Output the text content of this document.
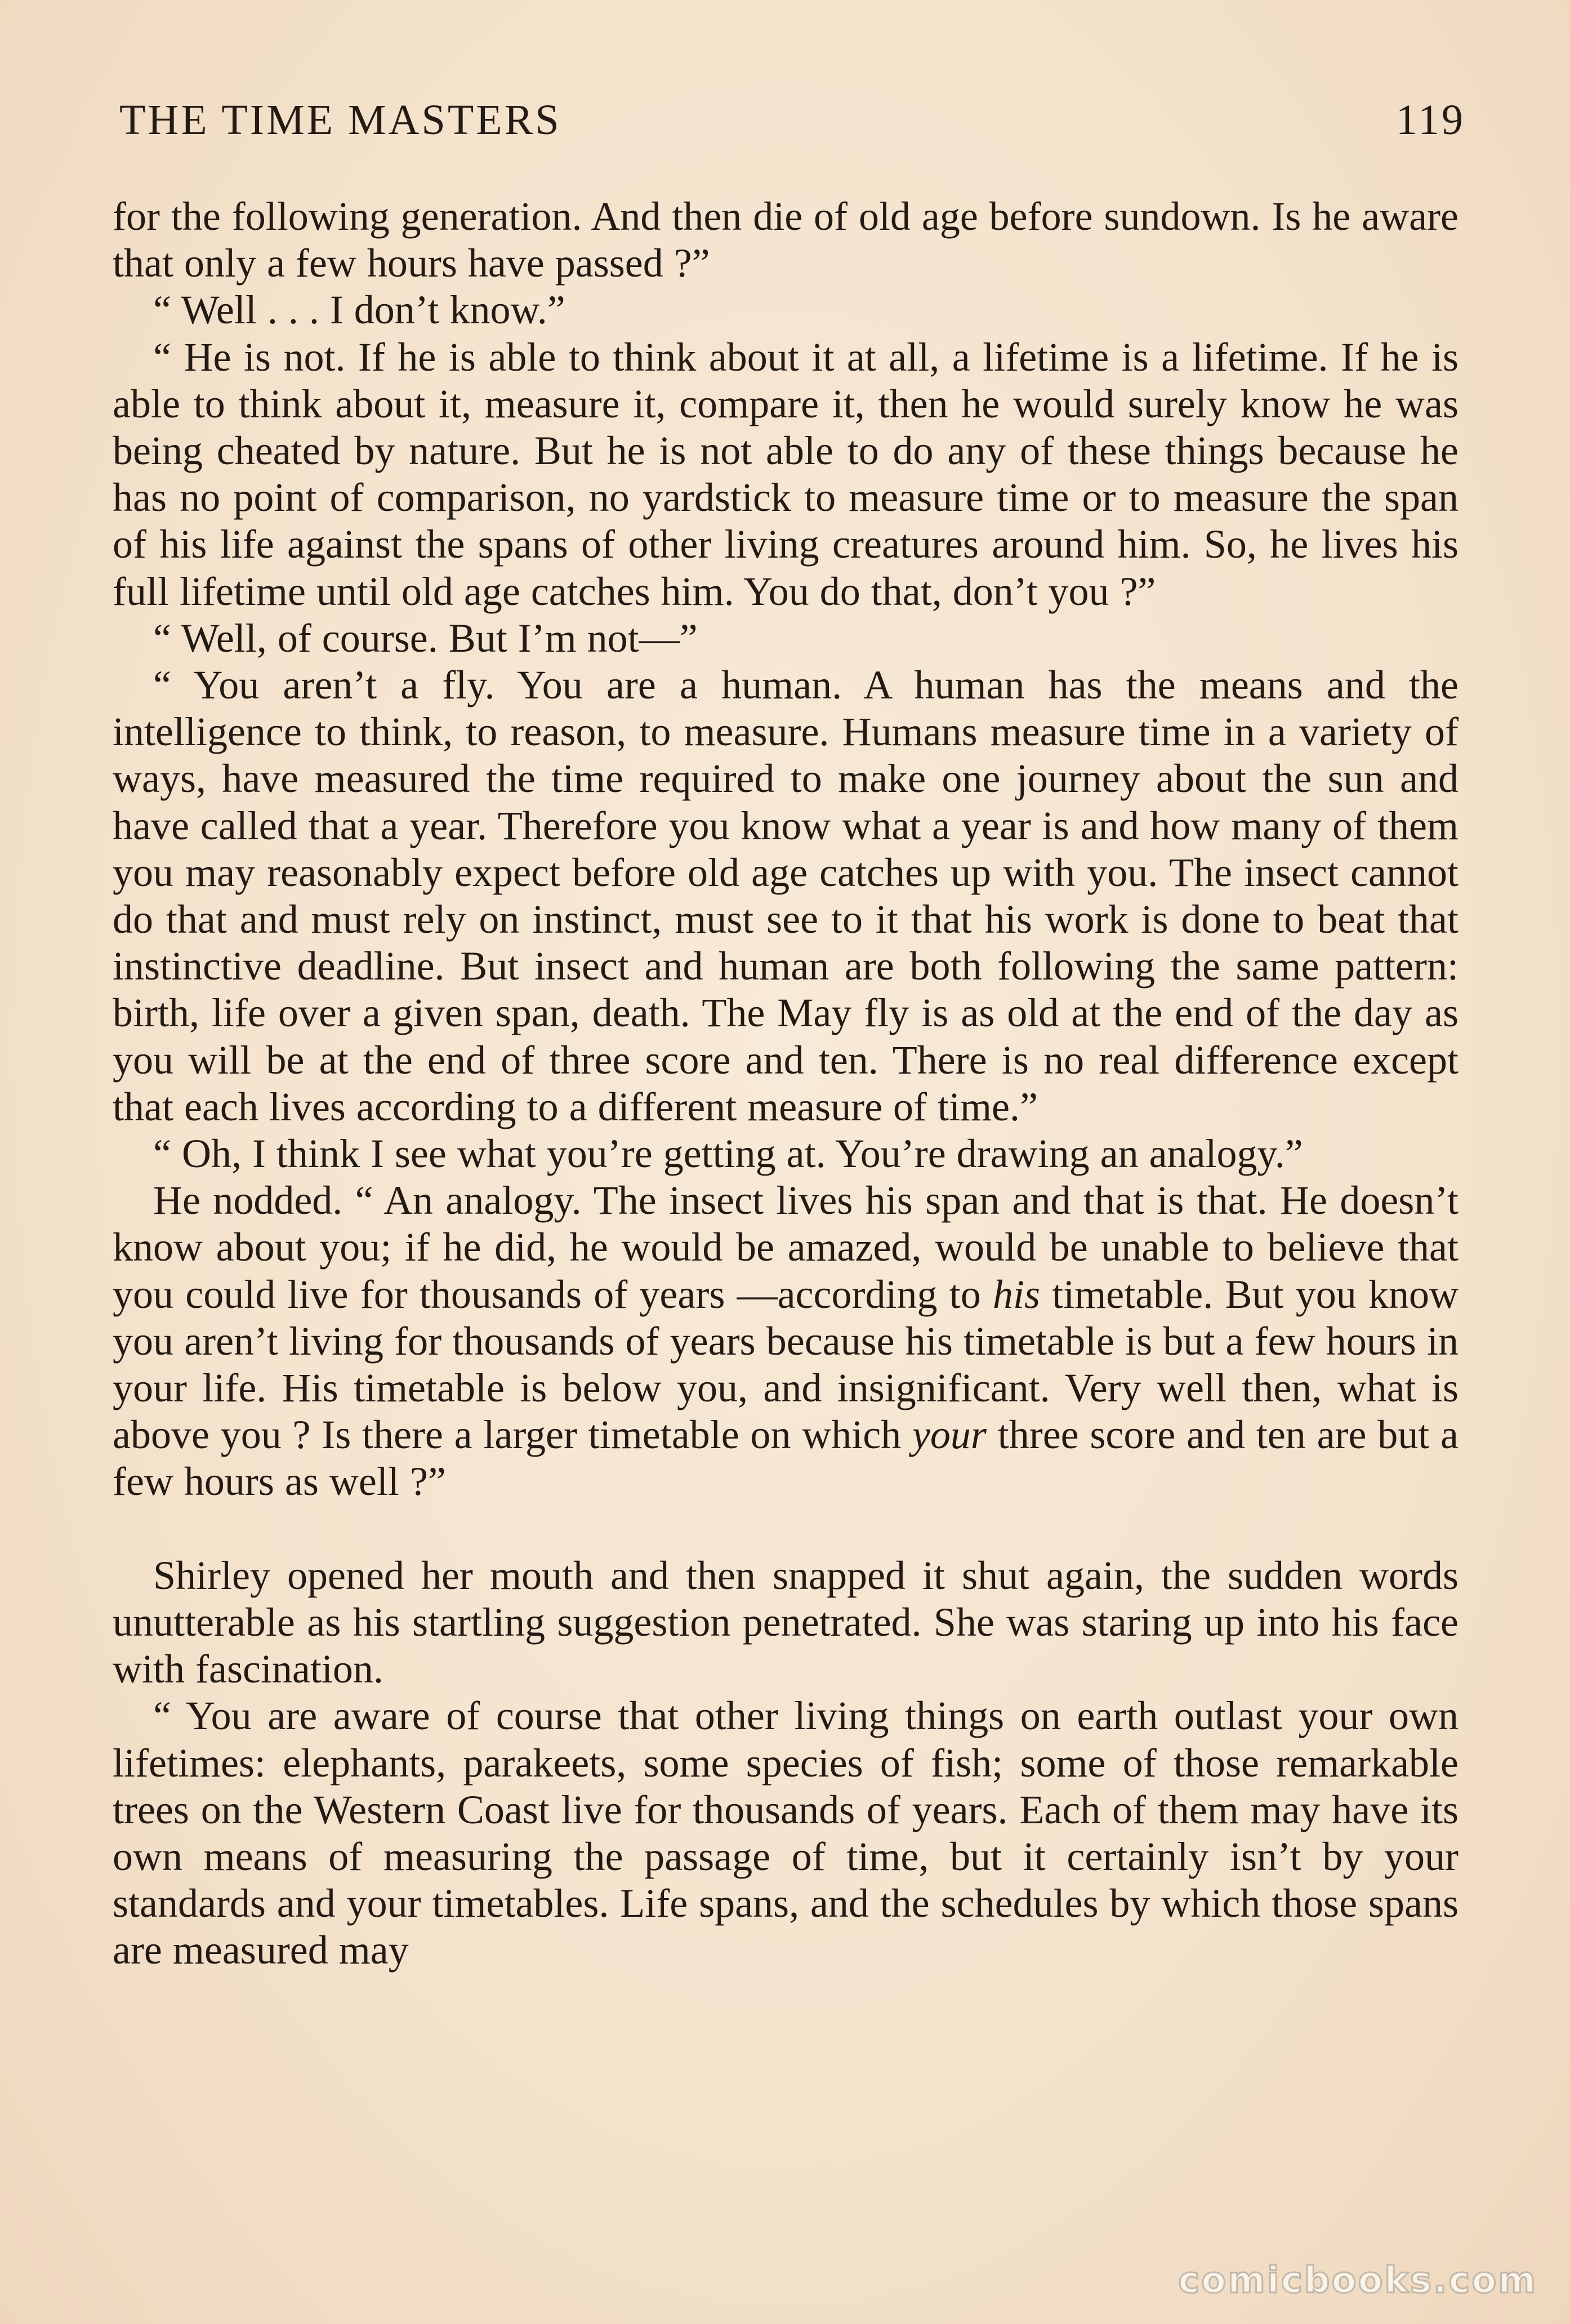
THE TIME MASTERS	119

for the following generation. And then die of old age before sundown. Is he aware that only a few hours have passed ?”

“ Well . . . I don’t know.”

“ He is not. If he is able to think about it at all, a lifetime is a lifetime. If he is able to think about it, measure it, compare it, then he would surely know he was being cheated by nature. But he is not able to do any of these things because he has no point of comparison, no yardstick to measure time or to measure the span of his life against the spans of other living creatures around him. So, he lives his full lifetime until old age catches him. You do that, don’t you ?”

“ Well, of course. But I’m not—”

“ You aren’t a fly. You are a human. A human has the means and the intelligence to think, to reason, to measure. Humans measure time in a variety of ways, have measured the time required to make one journey about the sun and have called that a year. Therefore you know what a year is and how many of them you may reasonably expect before old age catches up with you. The insect cannot do that and must rely on instinct, must see to it that his work is done to beat that instinctive deadline. But insect and human are both following the same pattern: birth, life over a given span, death. The May fly is as old at the end of the day as you will be at the end of three score and ten. There is no real difference except that each lives according to a different measure of time.”

“ Oh, I think I see what you’re getting at. You’re drawing an analogy.”

He nodded. “ An analogy. The insect lives his span and that is that. He doesn’t know about you; if he did, he would be amazed, would be unable to believe that you could live for thousands of years —according to his timetable. But you know you aren’t living for thousands of years because his timetable is but a few hours in your life. His timetable is below you, and insignificant. Very well then, what is above you ? Is there a larger timetable on which your three score and ten are but a few hours as well ?”

Shirley opened her mouth and then snapped it shut again, the sudden words unutterable as his startling suggestion penetrated. She was staring up into his face with fascination.

“ You are aware of course that other living things on earth outlast your own lifetimes: elephants, parakeets, some species of fish; some of those remarkable trees on the Western Coast live for thousands of years. Each of them may have its own means of measuring the passage of time, but it certainly isn’t by your standards and your timetables. Life spans, and the schedules by which those spans are measured may

comicbooks.com
